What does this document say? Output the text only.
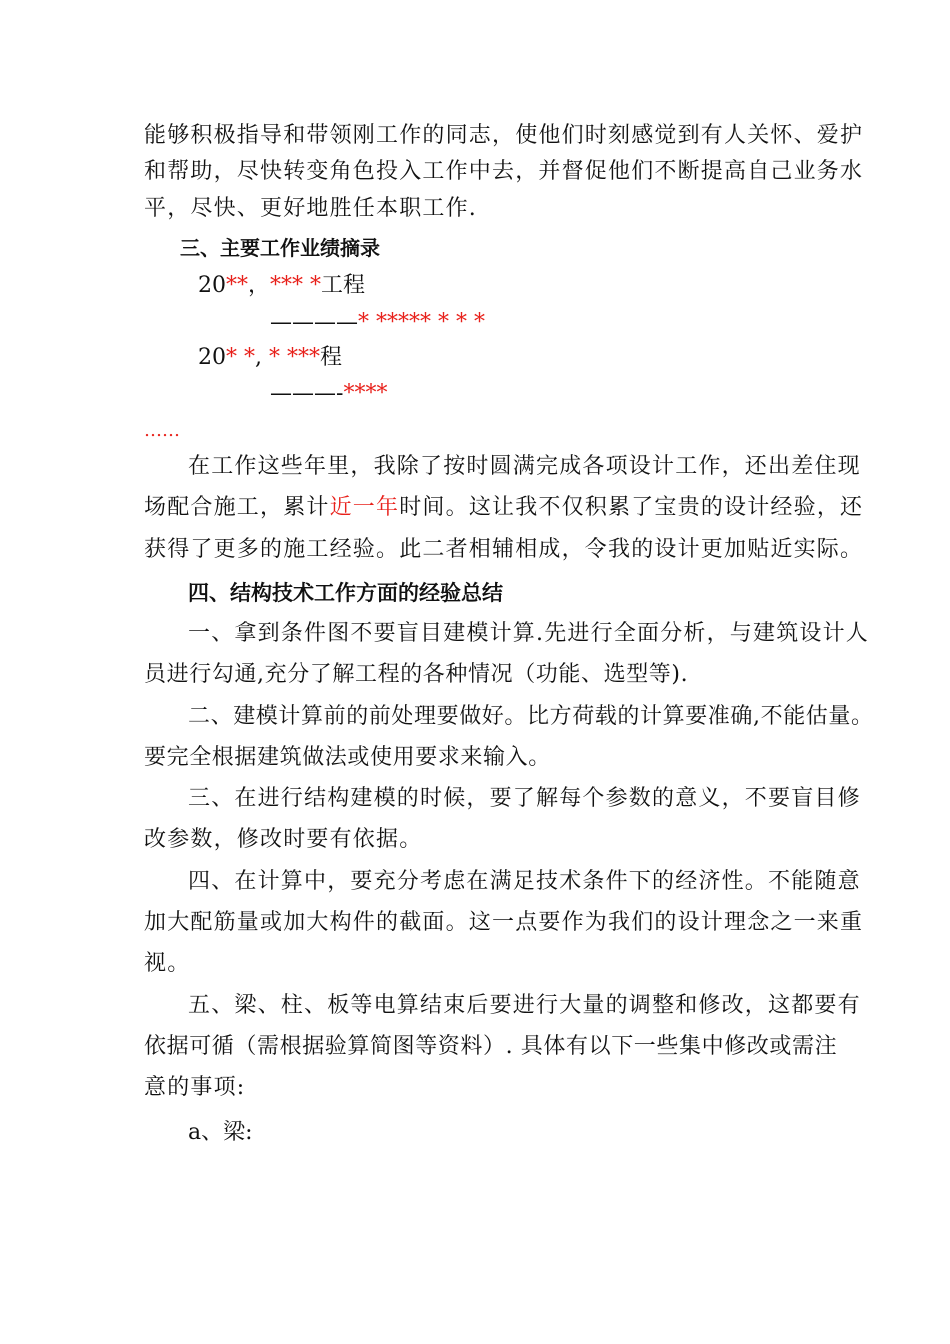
能够积极指导和带领刚工作的同志，使他们时刻感觉到有人关怀、爱护
和帮助，尽快转变角色投入工作中去，并督促他们不断提高自己业务水
平，尽快、更好地胜任本职工作.
三、主要工作业绩摘录
20**，*** *工程
————* ***** * * *
20* *, * ***程
———-****
……
在工作这些年里，我除了按时圆满完成各项设计工作，还出差住现
场配合施工，累计近一年时间。这让我不仅积累了宝贵的设计经验，还
获得了更多的施工经验。此二者相辅相成，令我的设计更加贴近实际。
四、结构技术工作方面的经验总结
一、拿到条件图不要盲目建模计算.先进行全面分析，与建筑设计人
员进行勾通,充分了解工程的各种情况（功能、选型等).
二、建模计算前的前处理要做好。比方荷载的计算要准确,不能估量。
要完全根据建筑做法或使用要求来输入。
三、在进行结构建模的时候，要了解每个参数的意义，不要盲目修
改参数，修改时要有依据。
四、在计算中，要充分考虑在满足技术条件下的经济性。不能随意
加大配筋量或加大构件的截面。这一点要作为我们的设计理念之一来重
视。
五、梁、柱、板等电算结束后要进行大量的调整和修改，这都要有
依据可循（需根据验算简图等资料）. 具体有以下一些集中修改或需注
意的事项:
a、梁:
